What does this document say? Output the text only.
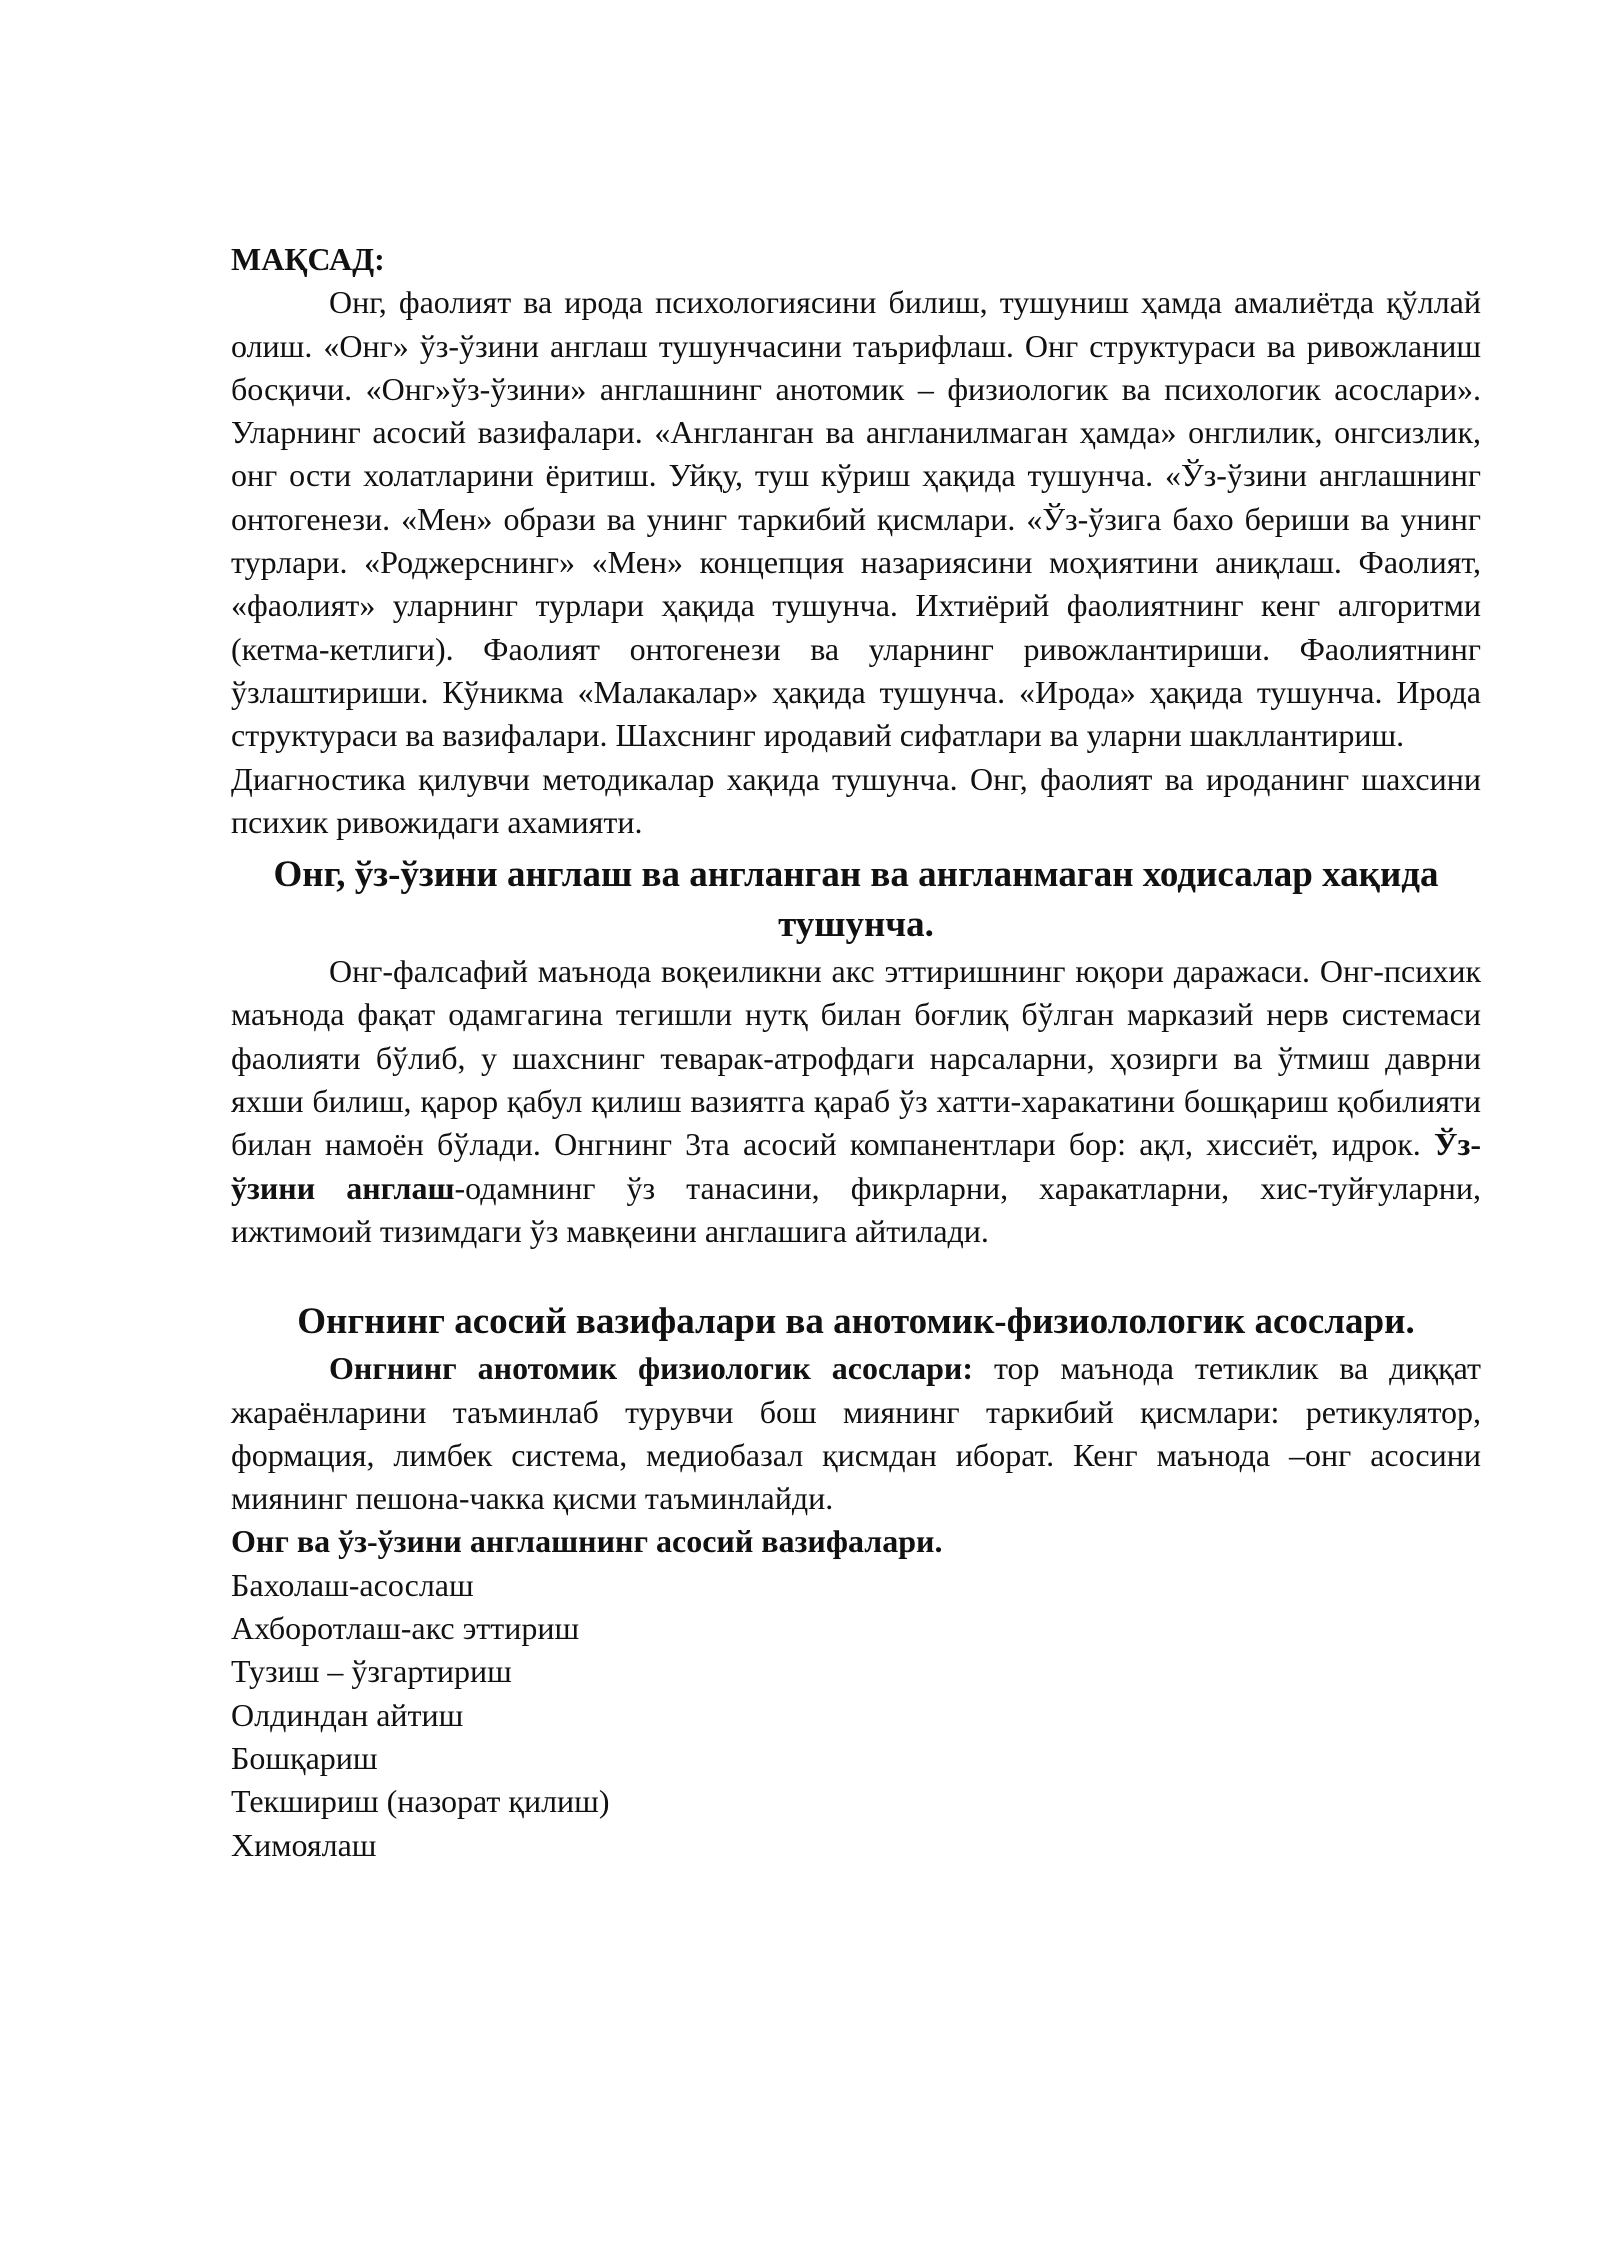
МАҚСАД:

Онг, фаолият ва ирода психологиясини билиш, тушуниш ҳамда амалиётда қўллай олиш. «Онг» ўз-ўзини англаш тушунчасини таърифлаш. Онг структураси ва ривожланиш босқичи. «Онг»ўз-ўзини» англашнинг анотомик – физиологик ва психологик асослари». Уларнинг асосий вазифалари. «Англанган ва англанилмаган ҳамда» онглилик, онгсизлик, онг ости холатларини ёритиш. Уйқу, туш кўриш ҳақида тушунча. «Ўз-ўзини англашнинг онтогенези. «Мен» образи ва унинг таркибий қисмлари. «Ўз-ўзига бахо бериши ва унинг турлари. «Роджерснинг» «Мен» концепция назариясини моҳиятини аниқлаш. Фаолият, «фаолият» уларнинг турлари ҳақида тушунча. Ихтиёрий фаолиятнинг кенг алгоритми (кетма-кетлиги). Фаолият онтогенези ва уларнинг ривожлантириши. Фаолиятнинг ўзлаштириши. Кўникма «Малакалар» ҳақида тушунча. «Ирода» ҳақида тушунча. Ирода структураси ва вазифалари. Шахснинг иродавий сифатлари ва уларни шакллантириш.

Диагностика қилувчи методикалар хақида тушунча. Онг, фаолият ва ироданинг шахсини психик ривожидаги ахамияти.

Онг, ўз-ўзини англаш ва англанган ва англанмаган ходисалар хақида тушунча.

Онг-фалсафий маънода воқеиликни акс эттиришнинг юқори даражаси. Онг-психик маънода фақат одамгагина тегишли нутқ билан боғлиқ бўлган марказий нерв системаси фаолияти бўлиб, у шахснинг теварак-атрофдаги нарсаларни, ҳозирги ва ўтмиш даврни яхши билиш, қарор қабул қилиш вазиятга қараб ўз хатти-харакатини бошқариш қобилияти билан намоён бўлади. Онгнинг 3та асосий компанентлари бор: ақл, хиссиёт, идрок. Ўз-ўзини англаш-одамнинг ўз танасини, фикрларни, харакатларни, хис-туйғуларни, ижтимоий тизимдаги ўз мавқеини англашига айтилади.

Онгнинг асосий вазифалари ва анотомик-физиолологик асослари.

Онгнинг анотомик физиологик асослари: тор маънода тетиклик ва диққат жараёнларини таъминлаб турувчи бош миянинг таркибий қисмлари: ретикулятор, формация, лимбек система, медиобазал қисмдан иборат. Кенг маънода –онг асосини миянинг пешона-чакка қисми таъминлайди.

Онг ва ўз-ўзини англашнинг асосий вазифалари.

Бахолаш-асослаш
Ахборотлаш-акс эттириш
Тузиш – ўзгартириш
Олдиндан айтиш
Бошқариш
Текшириш (назорат қилиш)
Химоялаш
